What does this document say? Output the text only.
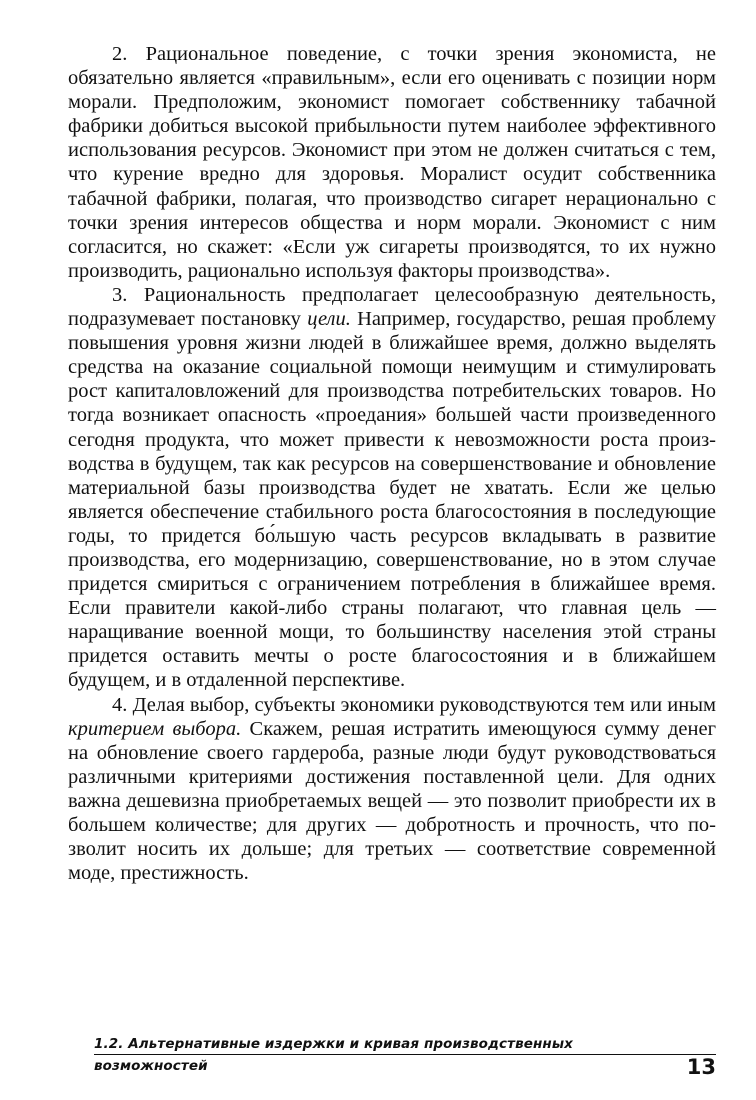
2. Рациональное поведение, с точки зрения экономиста, не обязательно является «правильным», если его оценивать с позиции норм морали. Предположим, экономист помогает собственнику табачной фабрики добиться высокой прибыльности путем наиболее эффективного использования ресурсов. Экономист при этом не должен считаться с тем, что курение вредно для здоровья. Моралист осудит собственника табачной фабрики, полагая, что производство сигарет нерационально с точки зрения интересов общества и норм морали. Экономист с ним согласится, но скажет: «Если уж сигареты производятся, то их нужно производить, рационально используя факторы производства».

3. Рациональность предполагает целесообразную деятельность, подразумевает постановку цели. Например, государство, решая проблему повышения уровня жизни людей в ближайшее время, должно выделять средства на оказание социальной помощи неимущим и стимулировать рост капиталовложений для производства потребительских товаров. Но тогда возникает опасность «проедания» большей части произведенного сегодня продукта, что может привести к невозможности роста производства в будущем, так как ресурсов на совершенствование и обновление материальной базы производства будет не хватать. Если же целью является обеспечение стабильного роста благосостояния в последующие годы, то придется бо́льшую часть ресурсов вкладывать в развитие производства, его модернизацию, совершенствование, но в этом случае придется смириться с ограничением потребления в ближайшее время. Если правители какой-либо страны полагают, что главная цель — наращивание военной мощи, то большинству населения этой страны придется оставить мечты о росте благосостояния и в ближайшем будущем, и в отдаленной перспективе.

4. Делая выбор, субъекты экономики руководствуются тем или иным критерием выбора. Скажем, решая истратить имеющуюся сумму денег на обновление своего гардероба, разные люди будут руководствоваться различными критериями достижения поставленной цели. Для одних важна дешевизна приобретаемых вещей — это позволит приобрести их в большем количестве; для других — добротность и прочность, что позволит носить их дольше; для третьих — соответствие современной моде, престижность.

1.2. Альтернативные издержки и кривая производственных
возможностей	13
